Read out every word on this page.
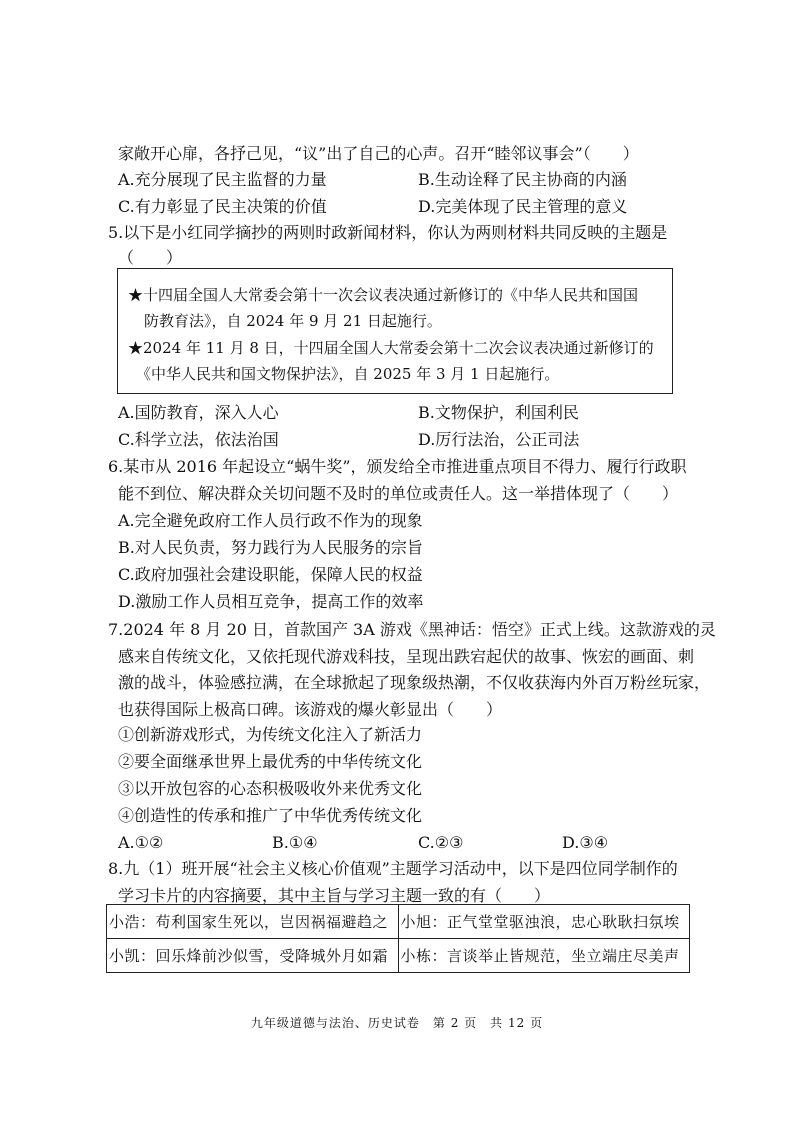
家敞开心扉，各抒己见，“议”出了自己的心声。召开“睦邻议事会”（　　）
A.充分展现了民主监督的力量	B.生动诠释了民主协商的内涵
C.有力彰显了民主决策的价值	D.完美体现了民主管理的意义
5.以下是小红同学摘抄的两则时政新闻材料，你认为两则材料共同反映的主题是
（　　）
★十四届全国人大常委会第十一次会议表决通过新修订的《中华人民共和国国
防教育法》，自 2024 年 9 月 21 日起施行。
★2024 年 11 月 8 日，十四届全国人大常委会第十二次会议表决通过新修订的
《中华人民共和国文物保护法》，自 2025 年 3 月 1 日起施行。
A.国防教育，深入人心	B.文物保护，利国利民
C.科学立法，依法治国	D.厉行法治，公正司法
6.某市从 2016 年起设立“蜗牛奖”，颁发给全市推进重点项目不得力、履行行政职
能不到位、解决群众关切问题不及时的单位或责任人。这一举措体现了（　　）
A.完全避免政府工作人员行政不作为的现象
B.对人民负责，努力践行为人民服务的宗旨
C.政府加强社会建设职能，保障人民的权益
D.激励工作人员相互竞争，提高工作的效率
7.2024 年 8 月 20 日，首款国产 3A 游戏《黑神话：悟空》正式上线。这款游戏的灵
感来自传统文化，又依托现代游戏科技，呈现出跌宕起伏的故事、恢宏的画面、刺
激的战斗，体验感拉满，在全球掀起了现象级热潮，不仅收获海内外百万粉丝玩家，
也获得国际上极高口碑。该游戏的爆火彰显出（　　）
①创新游戏形式，为传统文化注入了新活力
②要全面继承世界上最优秀的中华传统文化
③以开放包容的心态积极吸收外来优秀文化
④创造性的传承和推广了中华优秀传统文化
A.①②	B.①④	C.②③	D.③④
8.九（1）班开展“社会主义核心价值观”主题学习活动中，以下是四位同学制作的
学习卡片的内容摘要，其中主旨与学习主题一致的有（　　）
小浩：苟利国家生死以，岂因祸福避趋之	小旭：正气堂堂驱浊浪，忠心耿耿扫氛埃
小凯：回乐烽前沙似雪，受降城外月如霜	小栋：言谈举止皆规范，坐立端庄尽美声
九年级道德与法治、历史试卷　第 2 页　共 12 页
